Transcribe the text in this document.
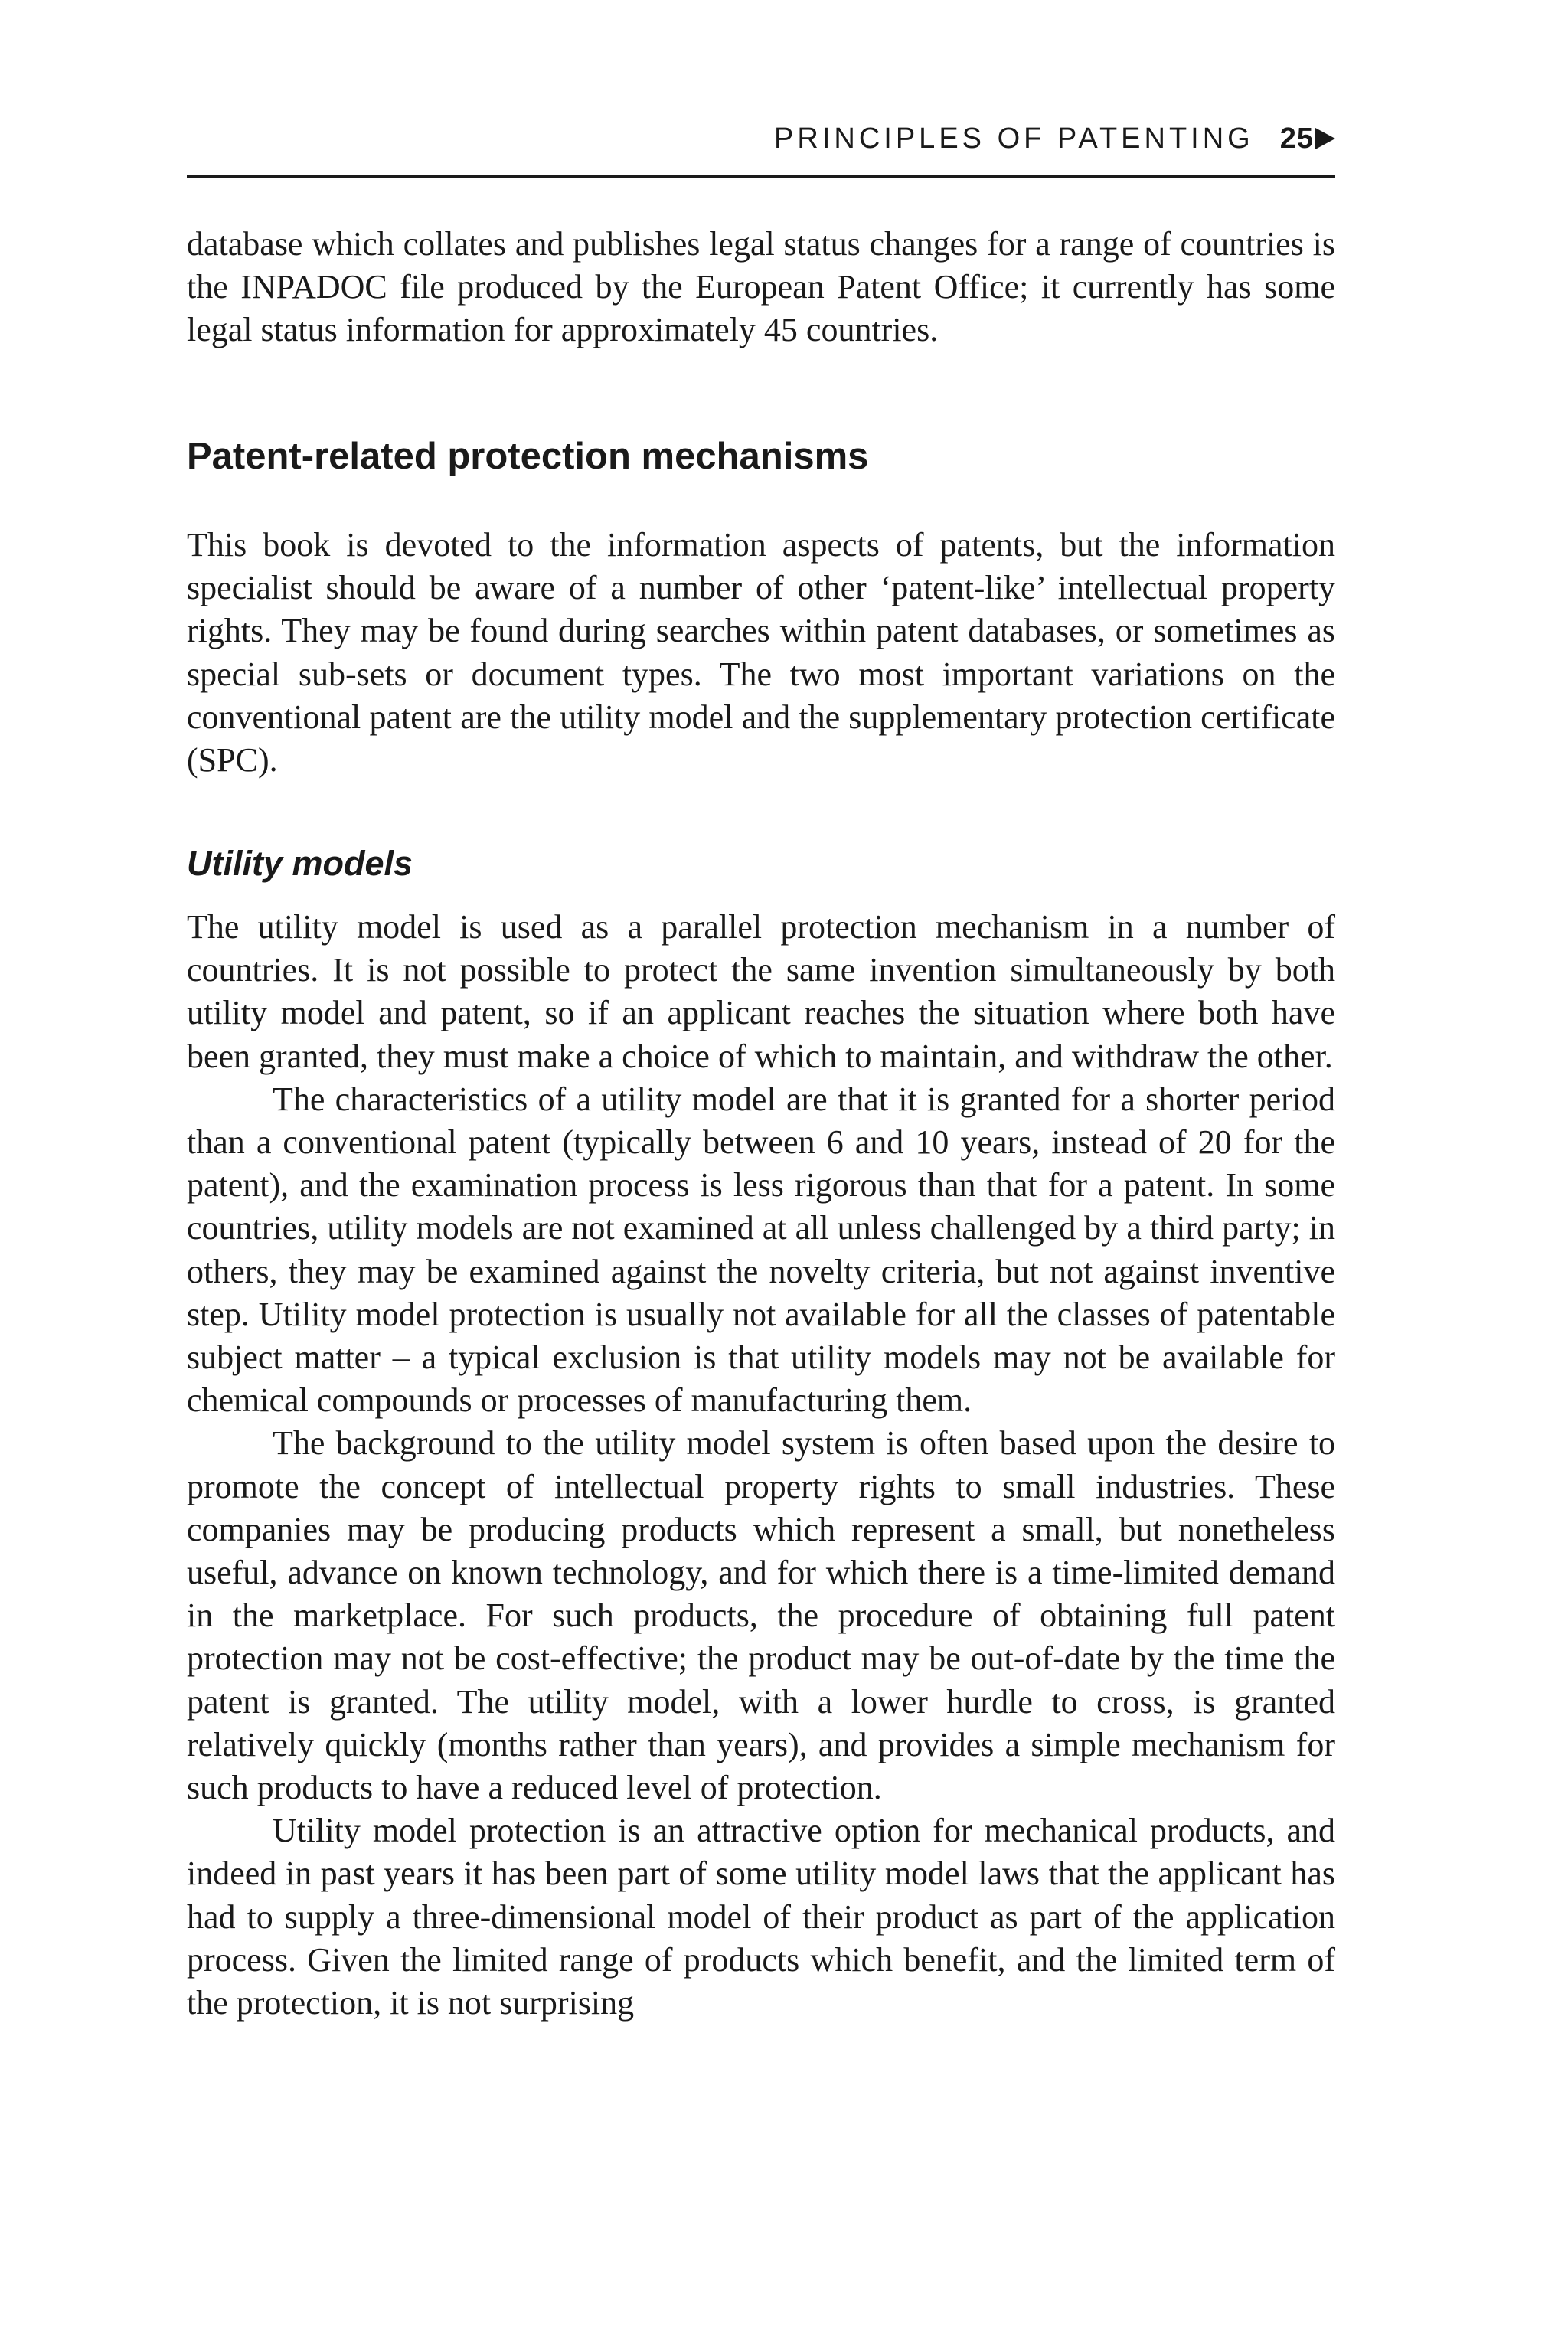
PRINCIPLES OF PATENTING 25

database which collates and publishes legal status changes for a range of countries is the INPADOC file produced by the European Patent Office; it currently has some legal status information for approximately 45 countries.

Patent-related protection mechanisms

This book is devoted to the information aspects of patents, but the information specialist should be aware of a number of other ‘patent-like’ intellectual property rights. They may be found during searches within patent databases, or sometimes as special sub-sets or document types. The two most important variations on the conventional patent are the utility model and the supplementary protection certificate (SPC).

Utility models

The utility model is used as a parallel protection mechanism in a number of countries. It is not possible to protect the same invention simultaneously by both utility model and patent, so if an applicant reaches the situation where both have been granted, they must make a choice of which to maintain, and withdraw the other.

The characteristics of a utility model are that it is granted for a shorter period than a conventional patent (typically between 6 and 10 years, instead of 20 for the patent), and the examination process is less rigorous than that for a patent. In some countries, utility models are not examined at all unless challenged by a third party; in others, they may be examined against the novelty criteria, but not against inventive step. Utility model protection is usually not available for all the classes of patentable subject matter – a typical exclusion is that utility models may not be available for chemical compounds or processes of manufacturing them.

The background to the utility model system is often based upon the desire to promote the concept of intellectual property rights to small industries. These companies may be producing products which represent a small, but nonetheless useful, advance on known technology, and for which there is a time-limited demand in the marketplace. For such products, the procedure of obtaining full patent protection may not be cost-effective; the product may be out-of-date by the time the patent is granted. The utility model, with a lower hurdle to cross, is granted relatively quickly (months rather than years), and provides a simple mechanism for such products to have a reduced level of protection.

Utility model protection is an attractive option for mechanical products, and indeed in past years it has been part of some utility model laws that the applicant has had to supply a three-dimensional model of their product as part of the application process. Given the limited range of products which benefit, and the limited term of the protection, it is not surprising
